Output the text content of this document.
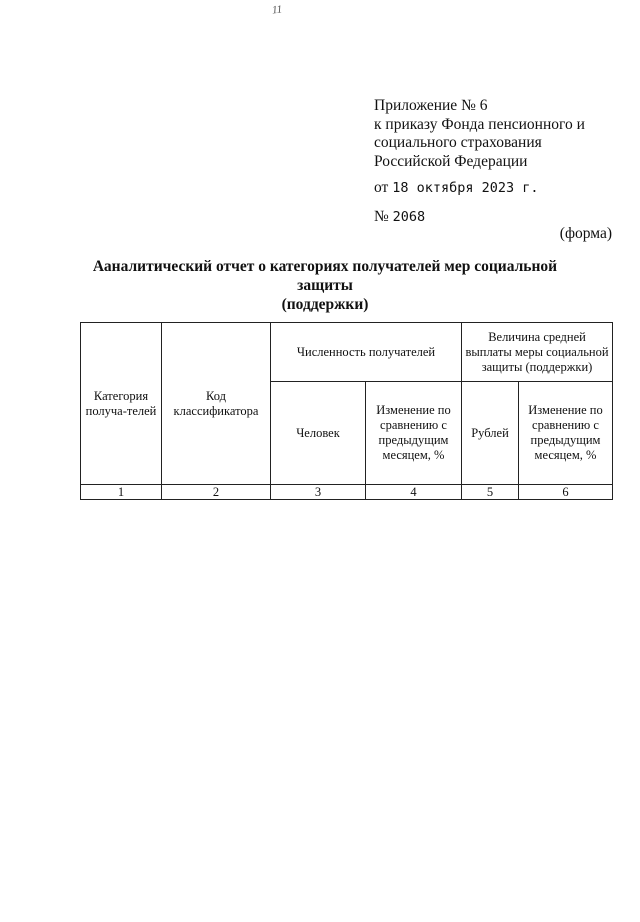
11
Приложение № 6
к приказу Фонда пенсионного и
социального страхования
Российской Федерации
от 18 октября 2023 г.
№ 2068
(форма)
Ааналитический отчет о категориях получателей мер социальной защиты
(поддержки)
Категория получа-телей	Код классификатора	Численность получателей		Величина средней выплаты меры социальной защиты (поддержки)	
		Человек	Изменение по сравнению с предыдущим месяцем, %	Рублей	Изменение по сравнению с предыдущим месяцем, %
1	2	3	4	5	6
